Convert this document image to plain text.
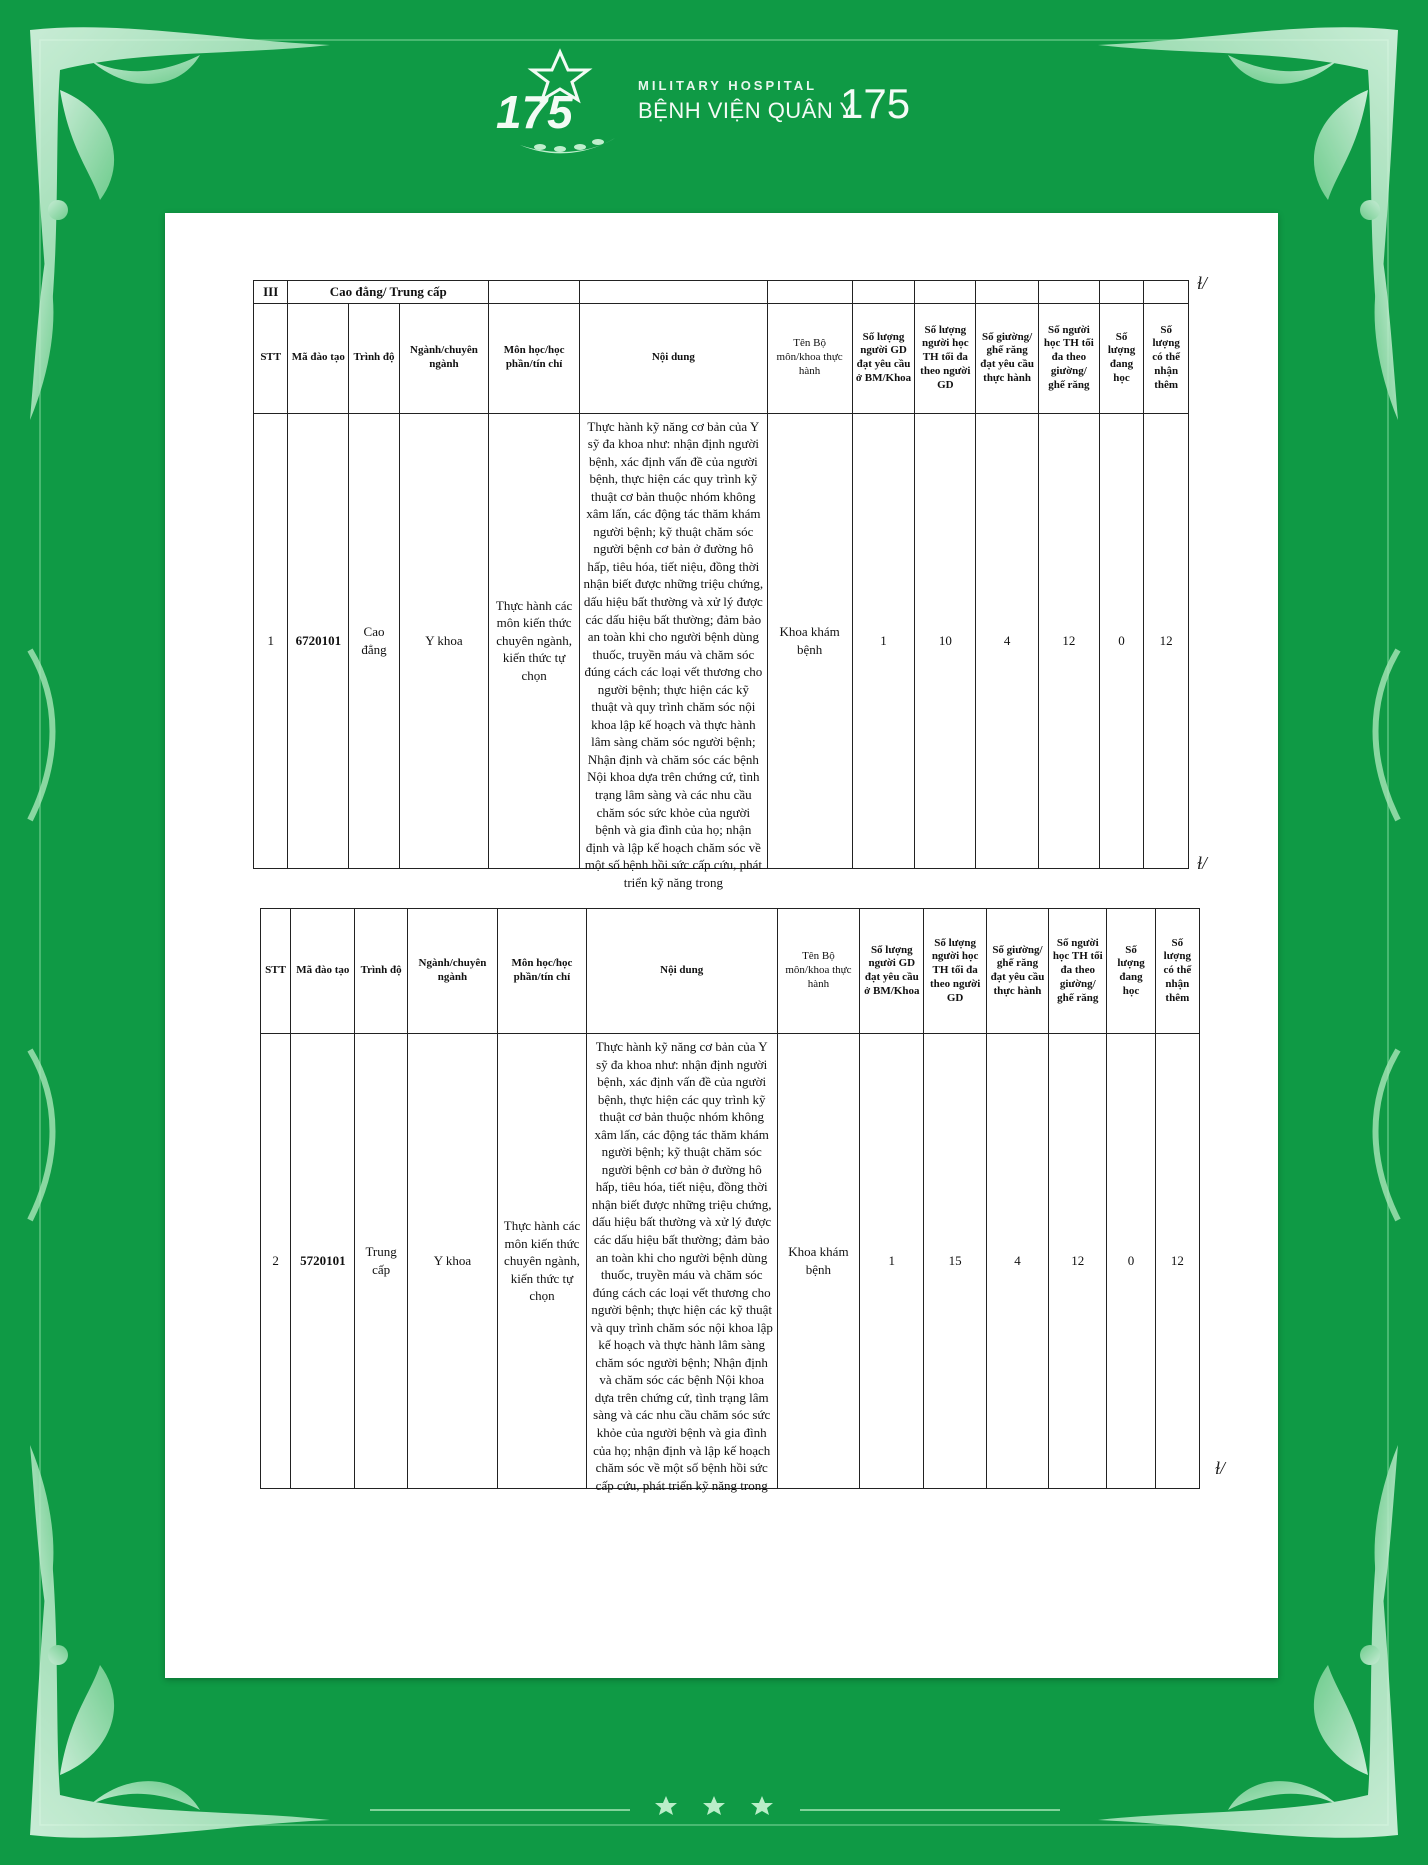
175
MILITARY HOSPITAL
BỆNH VIỆN QUÂN Y
175
III	Cao đẳng/ Trung cấp											
STT	Mã đào tạo	Trình độ	Ngành/chuyên ngành	Môn học/học phần/tín chỉ	Nội dung	Tên Bộ môn/khoa thực hành	Số lượng người GD đạt yêu cầu ở BM/Khoa	Số lượng người học TH tối đa theo người GD	Số giường/ ghế răng đạt yêu cầu thực hành	Số người học TH tối đa theo giường/ ghế răng	Số lượng đang học	Số lượng có thể nhận thêm
1	6720101	Cao đẳng	Y khoa	Thực hành các môn kiến thức chuyên ngành, kiến thức tự chọn	Thực hành kỹ năng cơ bản của Y sỹ đa khoa như: nhận định người bệnh, xác định vấn đề của người bệnh, thực hiện các quy trình kỹ thuật cơ bản thuộc nhóm không xâm lấn, các động tác thăm khám người bệnh; kỹ thuật chăm sóc người bệnh cơ bản ở đường hô hấp, tiêu hóa, tiết niệu, đồng thời nhận biết được những triệu chứng, dấu hiệu bất thường và xử lý được các dấu hiệu bất thường; đảm bảo an toàn khi cho người bệnh dùng thuốc, truyền máu và chăm sóc đúng cách các loại vết thương cho người bệnh; thực hiện các kỹ thuật và quy trình chăm sóc nội khoa lập kế hoạch và thực hành lâm sàng chăm sóc người bệnh; Nhận định và chăm sóc các bệnh Nội khoa dựa trên chứng cứ, tình trạng lâm sàng và các nhu cầu chăm sóc sức khỏe của người bệnh và gia đình của họ; nhận định và lập kế hoạch chăm sóc về một số bệnh hồi sức cấp cứu, phát triển kỹ năng trong	Khoa khám bệnh	1	10	4	12	0	12
ɫ/
ɫ/
STT	Mã đào tạo	Trình độ	Ngành/chuyên ngành	Môn học/học phần/tín chỉ	Nội dung	Tên Bộ môn/khoa thực hành	Số lượng người GD đạt yêu cầu ở BM/Khoa	Số lượng người học TH tối đa theo người GD	Số giường/ ghế răng đạt yêu cầu thực hành	Số người học TH tối đa theo giường/ ghế răng	Số lượng đang học	Số lượng có thể nhận thêm
2	5720101	Trung cấp	Y khoa	Thực hành các môn kiến thức chuyên ngành, kiến thức tự chọn	Thực hành kỹ năng cơ bản của Y sỹ đa khoa như: nhận định người bệnh, xác định vấn đề của người bệnh, thực hiện các quy trình kỹ thuật cơ bản thuộc nhóm không xâm lấn, các động tác thăm khám người bệnh; kỹ thuật chăm sóc người bệnh cơ bản ở đường hô hấp, tiêu hóa, tiết niệu, đồng thời nhận biết được những triệu chứng, dấu hiệu bất thường và xử lý được các dấu hiệu bất thường; đảm bảo an toàn khi cho người bệnh dùng thuốc, truyền máu và chăm sóc đúng cách các loại vết thương cho người bệnh; thực hiện các kỹ thuật và quy trình chăm sóc nội khoa lập kế hoạch và thực hành lâm sàng chăm sóc người bệnh; Nhận định và chăm sóc các bệnh Nội khoa dựa trên chứng cứ, tình trạng lâm sàng và các nhu cầu chăm sóc sức khỏe của người bệnh và gia đình của họ; nhận định và lập kế hoạch chăm sóc về một số bệnh hồi sức cấp cứu, phát triển kỹ năng trong	Khoa khám bệnh	1	15	4	12	0	12
ɫ/
